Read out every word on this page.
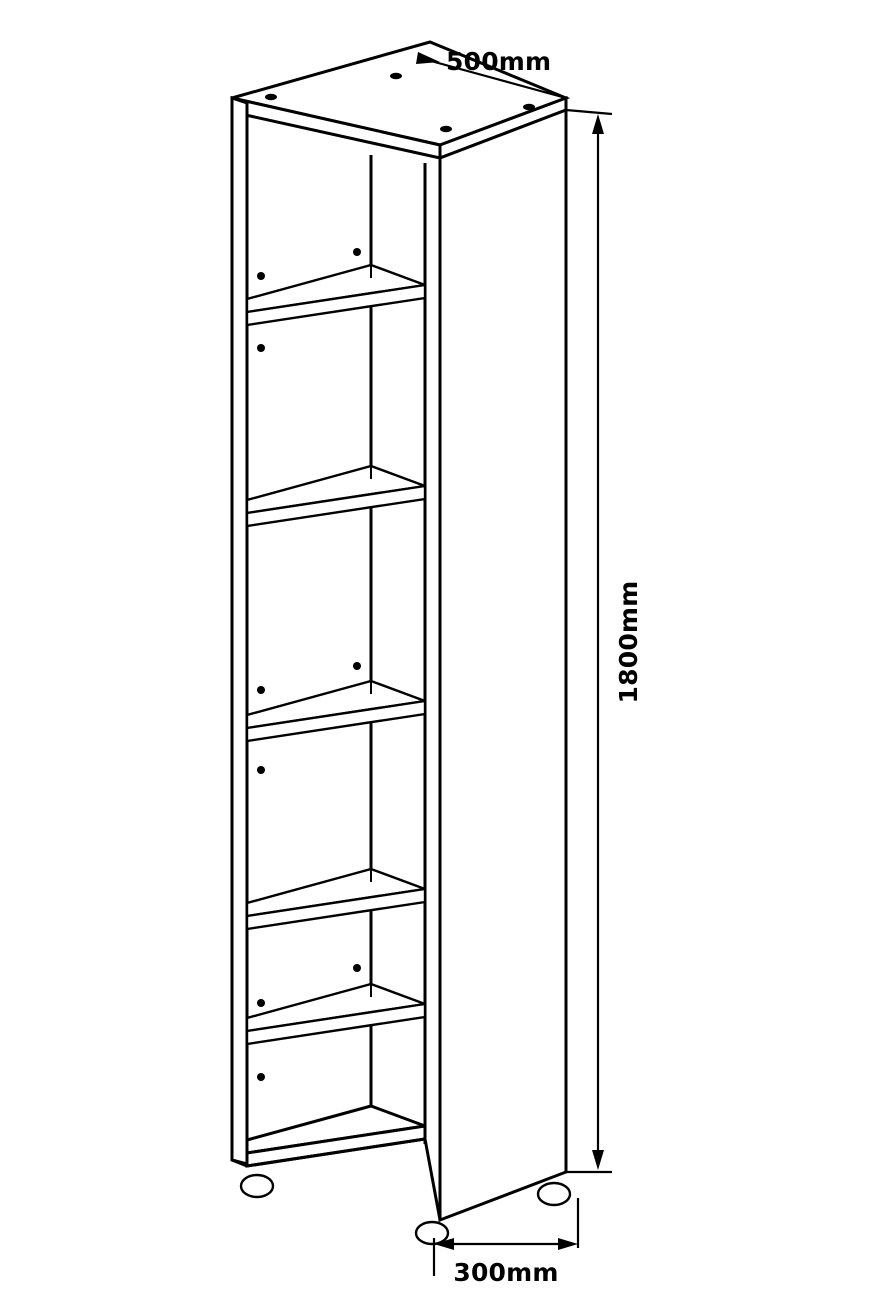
500mm
1800mm
300mm
